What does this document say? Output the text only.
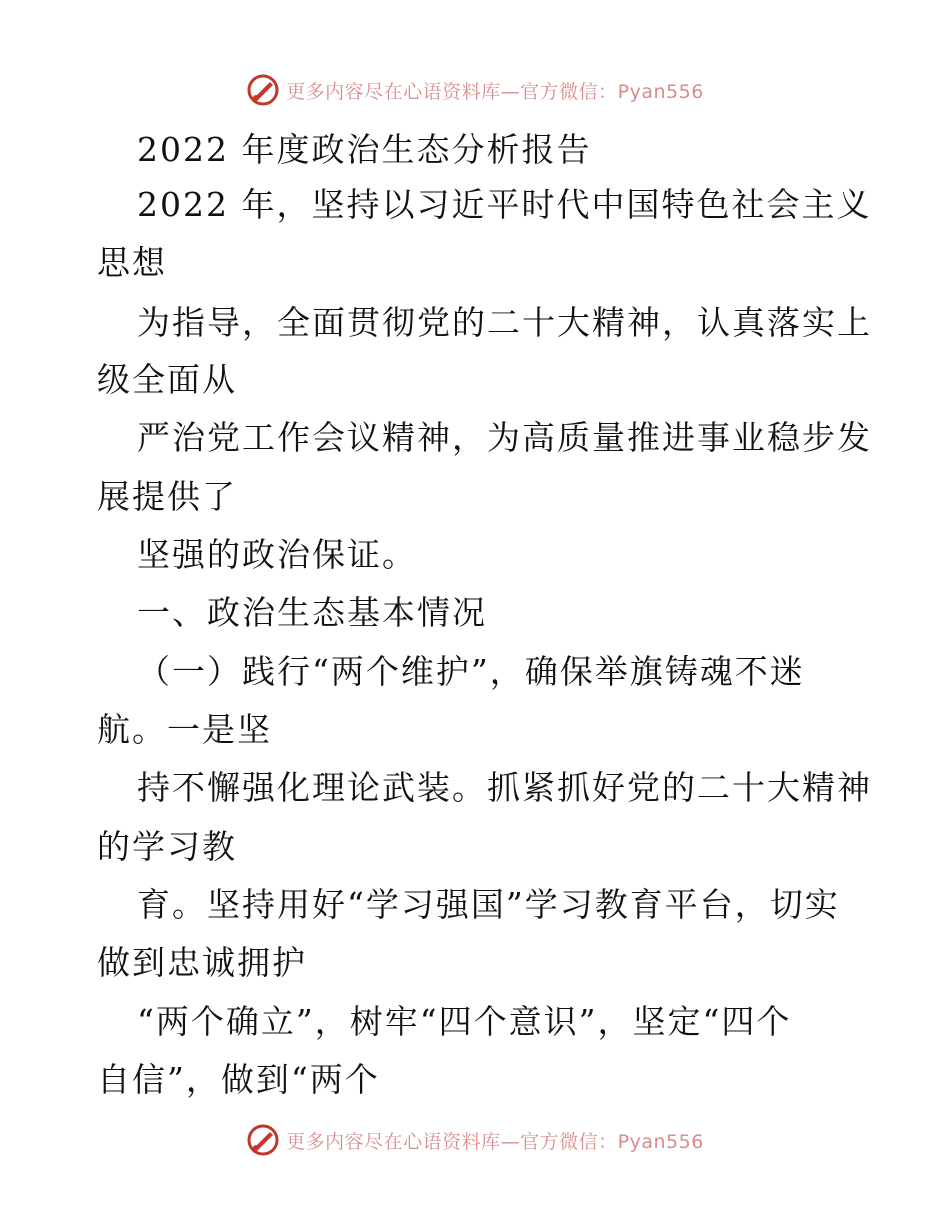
更多内容尽在心语资料库—官方微信：Pyan556
2022 年度政治生态分析报告
2022 年，坚持以习近平时代中国特色社会主义
思想
为指导，全面贯彻党的二十大精神，认真落实上
级全面从
严治党工作会议精神，为高质量推进事业稳步发
展提供了
坚强的政治保证。
一、政治生态基本情况
（一）践行“两个维护”，确保举旗铸魂不迷
航。一是坚
持不懈强化理论武装。抓紧抓好党的二十大精神
的学习教
育。坚持用好“学习强国”学习教育平台，切实
做到忠诚拥护
“两个确立”，树牢“四个意识”，坚定“四个
自信”，做到“两个
更多内容尽在心语资料库—官方微信：Pyan556
